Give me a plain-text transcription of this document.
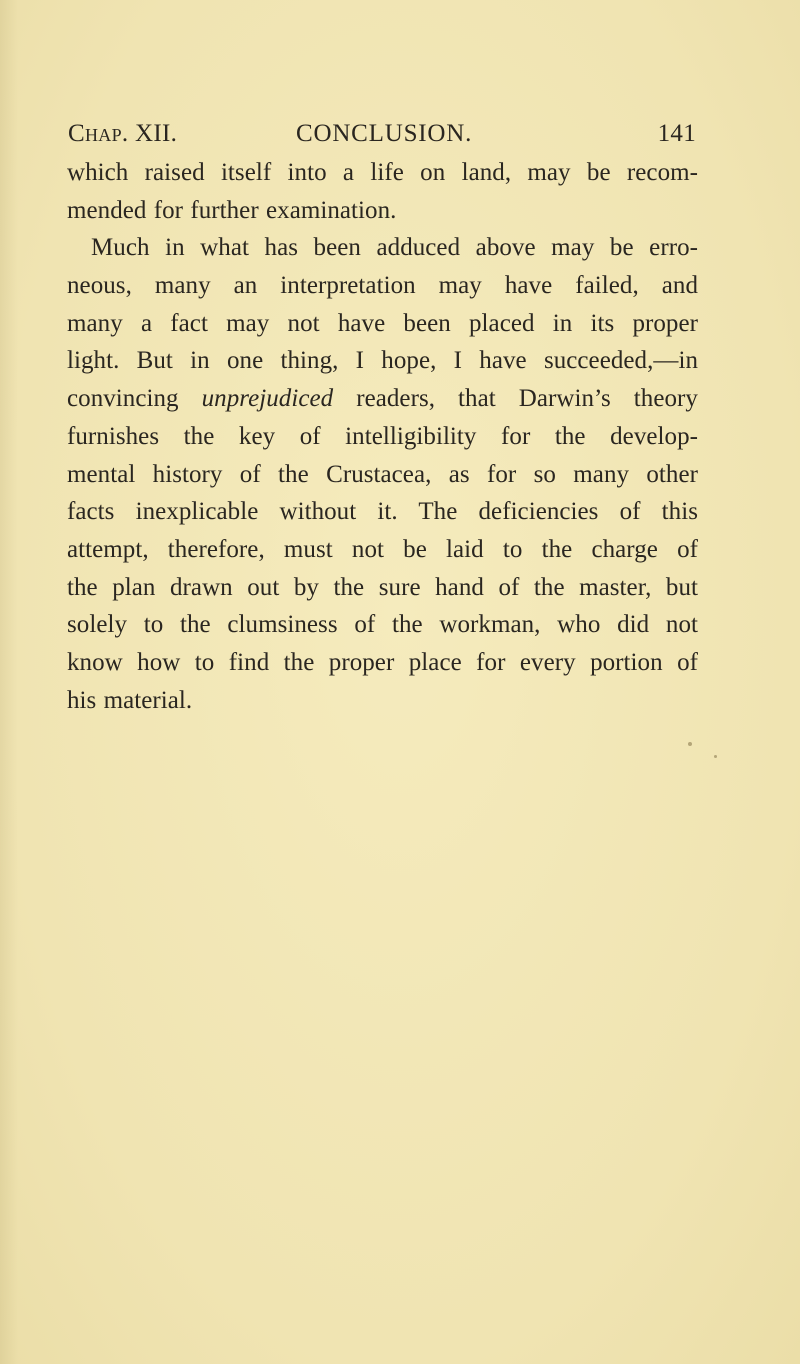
Chap. XII.	CONCLUSION.	141
which raised itself into a life on land, may be recom-
mended for further examination.
Much in what has been adduced above may be erro-
neous, many an interpretation may have failed, and
many a fact may not have been placed in its proper
light. But in one thing, I hope, I have succeeded,—in
convincing unprejudiced readers, that Darwin’s theory
furnishes the key of intelligibility for the develop-
mental history of the Crustacea, as for so many other
facts inexplicable without it. The deficiencies of this
attempt, therefore, must not be laid to the charge of
the plan drawn out by the sure hand of the master, but
solely to the clumsiness of the workman, who did not
know how to find the proper place for every portion of
his material.
